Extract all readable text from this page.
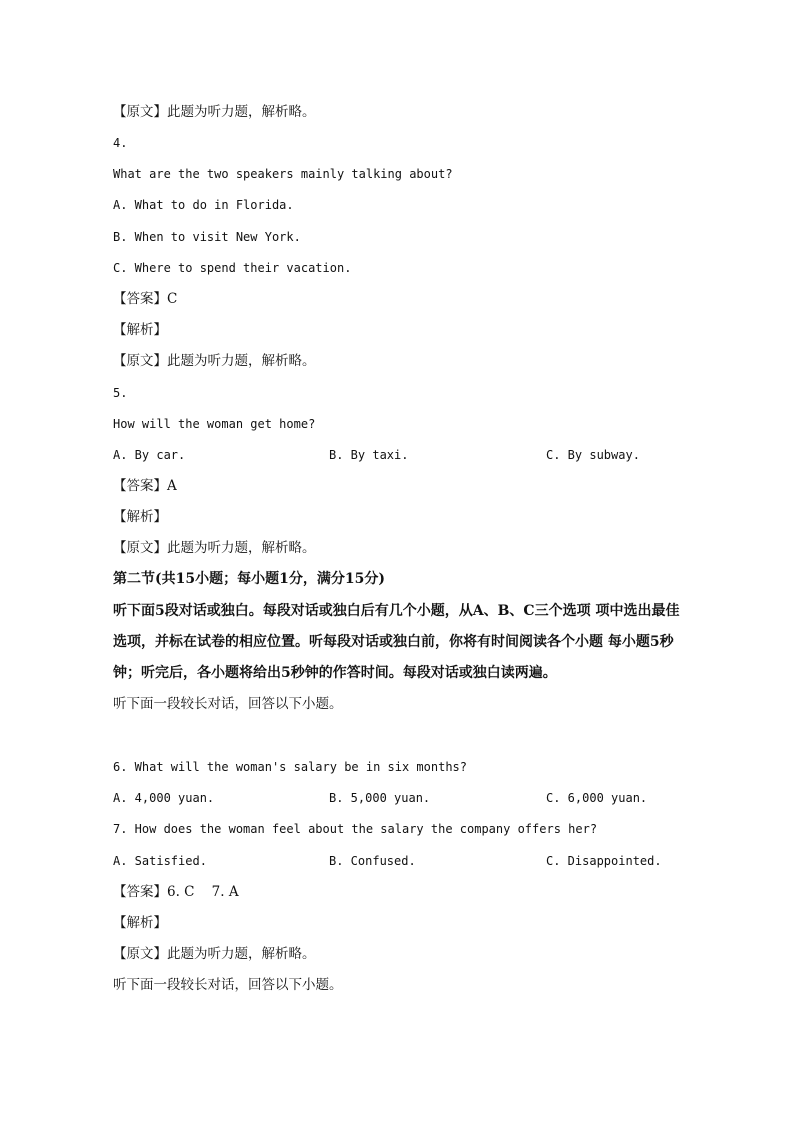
【原文】此题为听力题，解析略。
4.
What are the two speakers mainly talking about?
A. What to do in Florida.
B. When to visit New York.
C. Where to spend their vacation.
【答案】C
【解析】
【原文】此题为听力题，解析略。
5.
How will the woman get home?
A. By car.	B. By taxi.	C. By subway.
【答案】A
【解析】
【原文】此题为听力题，解析略。
第二节(共15小题；每小题1分，满分15分)
听下面5段对话或独白。每段对话或独白后有几个小题，从A、B、C三个选项 项中选出最佳
选项，并标在试卷的相应位置。听每段对话或独白前，你将有时间阅读各个小题 每小题5秒
钟；听完后，各小题将给出5秒钟的作答时间。每段对话或独白读两遍。
听下面一段较长对话，回答以下小题。
6. What will the woman's salary be in six months?
A. 4,000 yuan.	B. 5,000 yuan.	C. 6,000 yuan.
7. How does the woman feel about the salary the company offers her?
A. Satisfied.	B. Confused.	C. Disappointed.
【答案】6. C    7. A
【解析】
【原文】此题为听力题，解析略。
听下面一段较长对话，回答以下小题。
